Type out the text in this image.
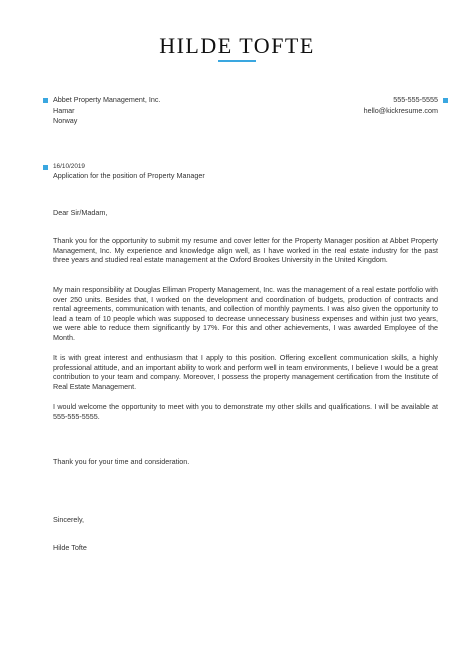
HILDE TOFTE
Abbet Property Management, Inc.
Hamar
Norway
555-555-5555
hello@kickresume.com
16/10/2019
Application for the position of Property Manager
Dear Sir/Madam,

Thank you for the opportunity to submit my resume and cover letter for the Property Manager position at Abbet Property Management, Inc. My experience and knowledge align well, as I have worked in the real estate industry for the past three years and studied real estate management at the Oxford Brookes University in the United Kingdom.

My main responsibility at Douglas Elliman Property Management, Inc. was the management of a real estate portfolio with over 250 units. Besides that, I worked on the development and coordination of budgets, production of contracts and rental agreements, communication with tenants, and collection of monthly payments. I was also given the opportunity to lead a team of 10 people which was supposed to decrease unnecessary business expenses and within just two years, we were able to reduce them significantly by 17%. For this and other achievements, I was awarded Employee of the Month.

It is with great interest and enthusiasm that I apply to this position. Offering excellent communication skills, a highly professional attitude, and an important ability to work and perform well in team environments, I believe I would be a great contribution to your team and company. Moreover, I possess the property management certification from the Institute of Real Estate Management.

I would welcome the opportunity to meet with you to demonstrate my other skills and qualifications. I will be available at 555-555-5555.

Thank you for your time and consideration.
Sincerely,
Hilde Tofte
